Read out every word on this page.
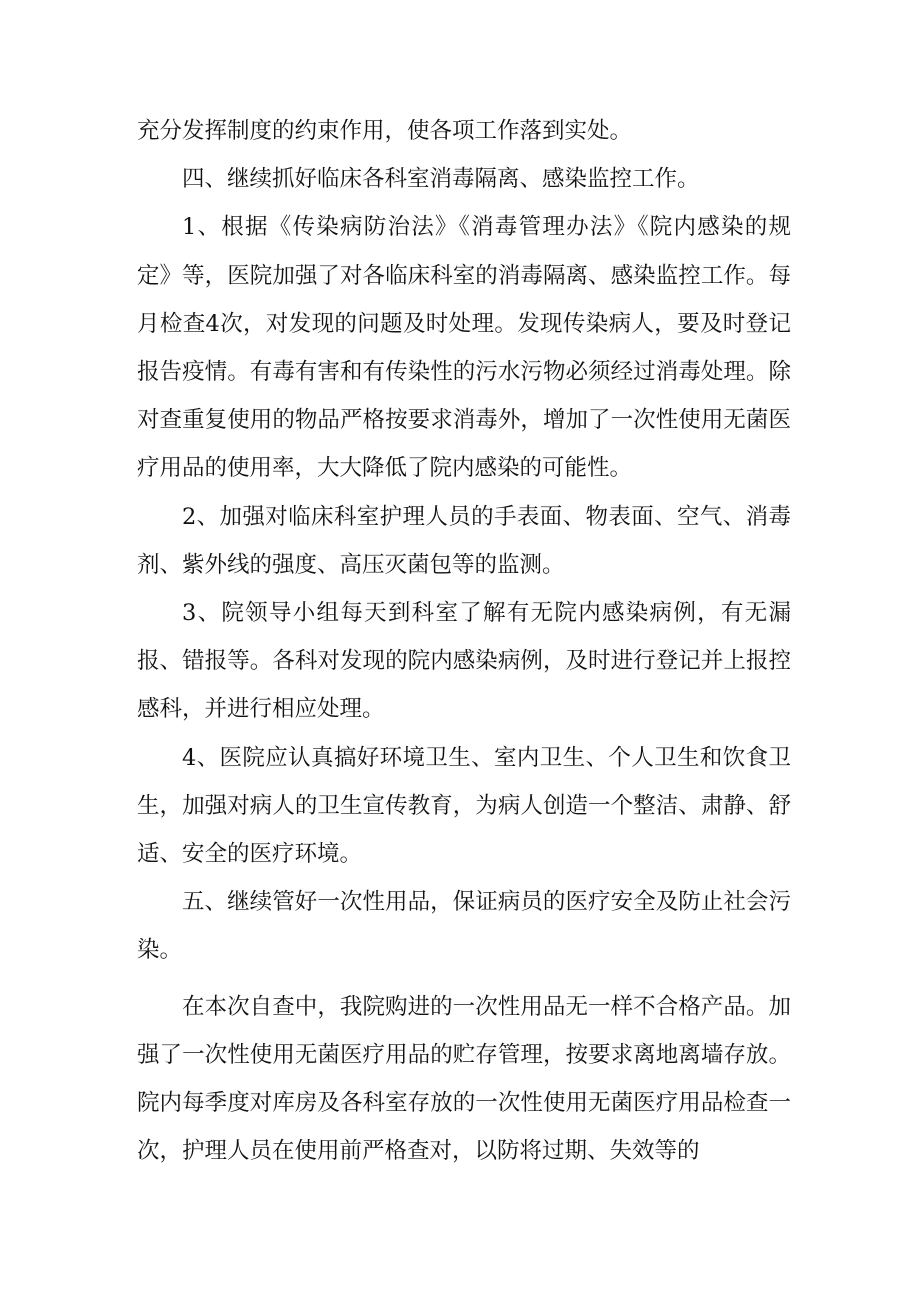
充分发挥制度的约束作用，使各项工作落到实处。

四、继续抓好临床各科室消毒隔离、感染监控工作。

1、根据《传染病防治法》《消毒管理办法》《院内感染的规定》等，医院加强了对各临床科室的消毒隔离、感染监控工作。每月检查4次，对发现的问题及时处理。发现传染病人，要及时登记报告疫情。有毒有害和有传染性的污水污物必须经过消毒处理。除对查重复使用的物品严格按要求消毒外，增加了一次性使用无菌医疗用品的使用率，大大降低了院内感染的可能性。

2、加强对临床科室护理人员的手表面、物表面、空气、消毒剂、紫外线的强度、高压灭菌包等的监测。

3、院领导小组每天到科室了解有无院内感染病例，有无漏报、错报等。各科对发现的院内感染病例，及时进行登记并上报控感科，并进行相应处理。

4、医院应认真搞好环境卫生、室内卫生、个人卫生和饮食卫生，加强对病人的卫生宣传教育，为病人创造一个整洁、肃静、舒适、安全的医疗环境。

五、继续管好一次性用品，保证病员的医疗安全及防止社会污染。

在本次自查中，我院购进的一次性用品无一样不合格产品。加强了一次性使用无菌医疗用品的贮存管理，按要求离地离墙存放。院内每季度对库房及各科室存放的一次性使用无菌医疗用品检查一次，护理人员在使用前严格查对，以防将过期、失效等的
